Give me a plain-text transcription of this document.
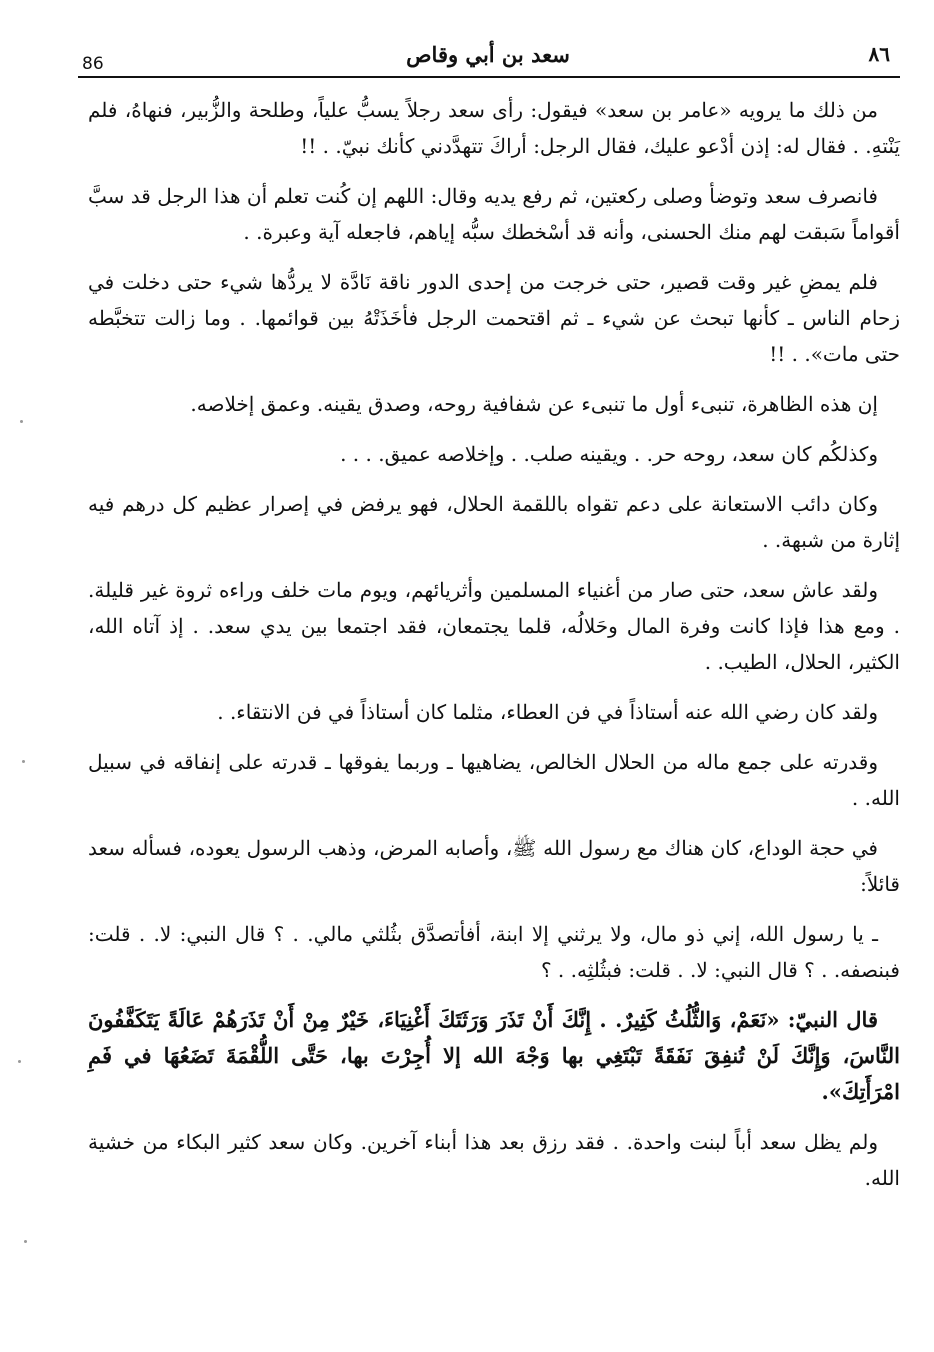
86	سعد بن أبي وقاص	٨٦

من ذلك ما يرويه «عامر بن سعد» فيقول: رأى سعد رجلاً يسبُّ علياً، وطلحة والزُّبير، فنهاهُ، فلم يَنْتهِ. . فقال له: إذن أدْعو عليك، فقال الرجل: أراكَ تتهدَّدني كأنك نبيّ. . !!

فانصرف سعد وتوضأ وصلى ركعتين، ثم رفع يديه وقال: اللهم إن كُنت تعلم أن هذا الرجل قد سبَّ أقواماً سَبقت لهم منك الحسنى، وأنه قد أسْخطك سبُّه إياهم، فاجعله آية وعبرة. .

فلم يمضِ غير وقت قصير، حتى خرجت من إحدى الدور ناقة نَادَّة لا يردُّها شيء حتى دخلت في زحام الناس ـ كأنها تبحث عن شيء ـ ثم اقتحمت الرجل فأخَذَتْهُ بين قوائمها. . وما زالت تتخبَّطه حتى مات». . !!

إن هذه الظاهرة، تنبىء أول ما تنبىء عن شفافية روحه، وصدق يقينه. وعمق إخلاصه.

وكذلكُم كان سعد، روحه حر. . ويقينه صلب. . وإخلاصه عميق. . . .

وكان دائب الاستعانة على دعم تقواه باللقمة الحلال، فهو يرفض في إصرار عظيم كل درهم فيه إثارة من شبهة. .

ولقد عاش سعد، حتى صار من أغنياء المسلمين وأثريائهم، ويوم مات خلف وراءه ثروة غير قليلة. . ومع هذا فإذا كانت وفرة المال وحَلالُه، قلما يجتمعان، فقد اجتمعا بين يدي سعد. . إذ آتاه الله، الكثير، الحلال، الطيب. .

ولقد كان رضي الله عنه أستاذاً في فن العطاء، مثلما كان أستاذاً في فن الانتقاء. .

وقدرته على جمع ماله من الحلال الخالص، يضاهيها ـ وربما يفوقها ـ قدرته على إنفاقه في سبيل الله. .

في حجة الوداع، كان هناك مع رسول الله ﷺ، وأصابه المرض، وذهب الرسول يعوده، فسأله سعد قائلاً:

ـ يا رسول الله، إني ذو مال، ولا يرثني إلا ابنة، أفأتصدَّق بثُلثي مالي. . ؟ قال النبي: لا. . قلت: فبنصفه. . ؟ قال النبي: لا. . قلت: فبثُلثِه. . ؟

قال النبيّ: «نَعَمْ، وَالثُّلُثُ كَثِيرٌ. . إِنَّكَ أَنْ تَذَرَ وَرَثَتَكَ أَغْنِيَاءَ، خَيْرٌ مِنْ أَنْ تَذَرَهُمْ عَالَةً يَتَكَفَّفُونَ النَّاسَ، وَإِنَّكَ لَنْ تُنفِقَ نَفَقَةً تَبْتَغِي بها وَجْهَ الله إلا أُجِرْتَ بها، حَتَّى اللُّقْمَةَ تَضَعُهَا في فَمِ امْرَأَتِكَ».

ولم يظل سعد أباً لبنت واحدة. . فقد رزق بعد هذا أبناء آخرين. وكان سعد كثير البكاء من خشية الله.
